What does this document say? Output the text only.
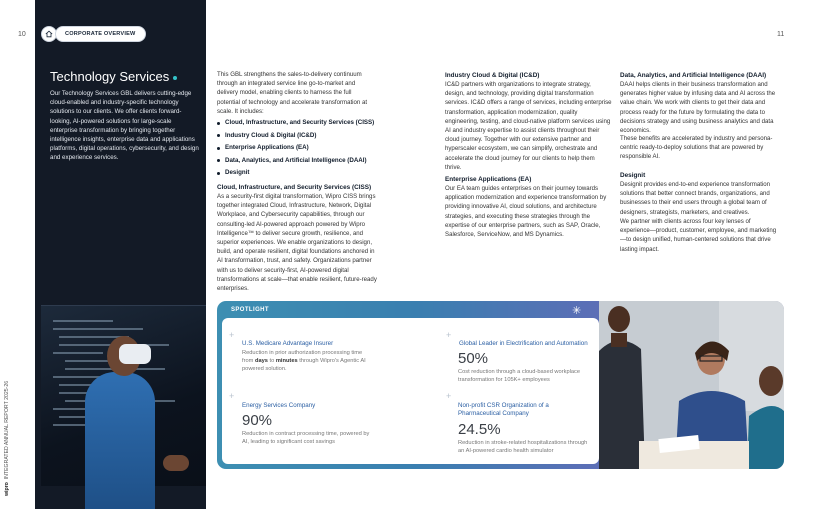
10	11
CORPORATE OVERVIEW
Technology Services
Our Technology Services GBL delivers cutting-edge cloud-enabled and industry-specific technology solutions to our clients. We offer clients forward-looking, AI-powered solutions for large-scale enterprise transformation by bringing together intelligence insights, enterprise data and applications platforms, digital operations, cybersecurity, and design and experience services.
This GBL strengthens the sales-to-delivery continuum through an integrated service line go-to-market and delivery model, enabling clients to harness the full potential of technology and accelerate transformation at scale. It includes:
Cloud, Infrastructure, and Security Services (CISS)
Industry Cloud & Digital (IC&D)
Enterprise Applications (EA)
Data, Analytics, and Artificial Intelligence (DAAI)
Designit
Cloud, Infrastructure, and Security Services (CISS)
As a security-first digital transformation, Wipro CISS brings together integrated Cloud, Infrastructure, Network, Digital Workplace, and Cybersecurity capabilities, through our consulting-led AI-powered approach powered by Wipro Intelligence™ to deliver secure growth, resilience, and superior experiences. We enable organizations to design, build, and operate resilient, digital foundations anchored in AI transformation, trust, and safety. Organizations partner with us to deliver security-first, AI-powered digital transformations at scale—that enable resilient, future-ready enterprises.
Industry Cloud & Digital (IC&D)
IC&D partners with organizations to integrate strategy, design, and technology, providing digital transformation services. IC&D offers a range of services, including enterprise transformation, application modernization, quality engineering, testing, and cloud-native platform services using AI and industry expertise to assist clients throughout their cloud journey. Together with our extensive partner and hyperscaler ecosystem, we can simplify, orchestrate and accelerate the cloud journey for our clients to help them thrive.
Enterprise Applications (EA)
Our EA team guides enterprises on their journey towards application modernization and experience transformation by providing innovative AI, cloud solutions, and architecture strategies, and executing these strategies through the expertise of our enterprise partners, such as SAP, Oracle, Salesforce, ServiceNow, and MS Dynamics.
Data, Analytics, and Artificial Intelligence (DAAI)
DAAI helps clients in their business transformation and generates higher value by infusing data and AI across the value chain. We work with clients to get their data and process ready for the future by formulating the data to decisions strategy and using business analytics and data economics.
These benefits are accelerated by industry and persona-centric ready-to-deploy solutions that are powered by responsible AI.
Designit
Designit provides end-to-end experience transformation solutions that better connect brands, organizations, and businesses to their end users through a global team of designers, strategists, marketers, and creatives.
We partner with clients across four key lenses of experience—product, customer, employee, and marketing—to design unified, human-centered solutions that drive lasting impact.
SPOTLIGHT	✳
+	+
+	+
U.S. Medicare Advantage Insurer
Reduction in prior authorization processing time from days to minutes through Wipro's Agentic AI powered solution.
Global Leader in Electrification and Automation
50%
Cost reduction through a cloud-based workplace transformation for 105K+ employees
Energy Services Company
90%
Reduction in contract processing time, powered by AI, leading to significant cost savings
Non-profit CSR Organization of a Pharmaceutical Company
24.5%
Reduction in stroke-related hospitalizations through an AI-powered cardio health simulator
wipro  INTEGRATED ANNUAL REPORT 2025-26
